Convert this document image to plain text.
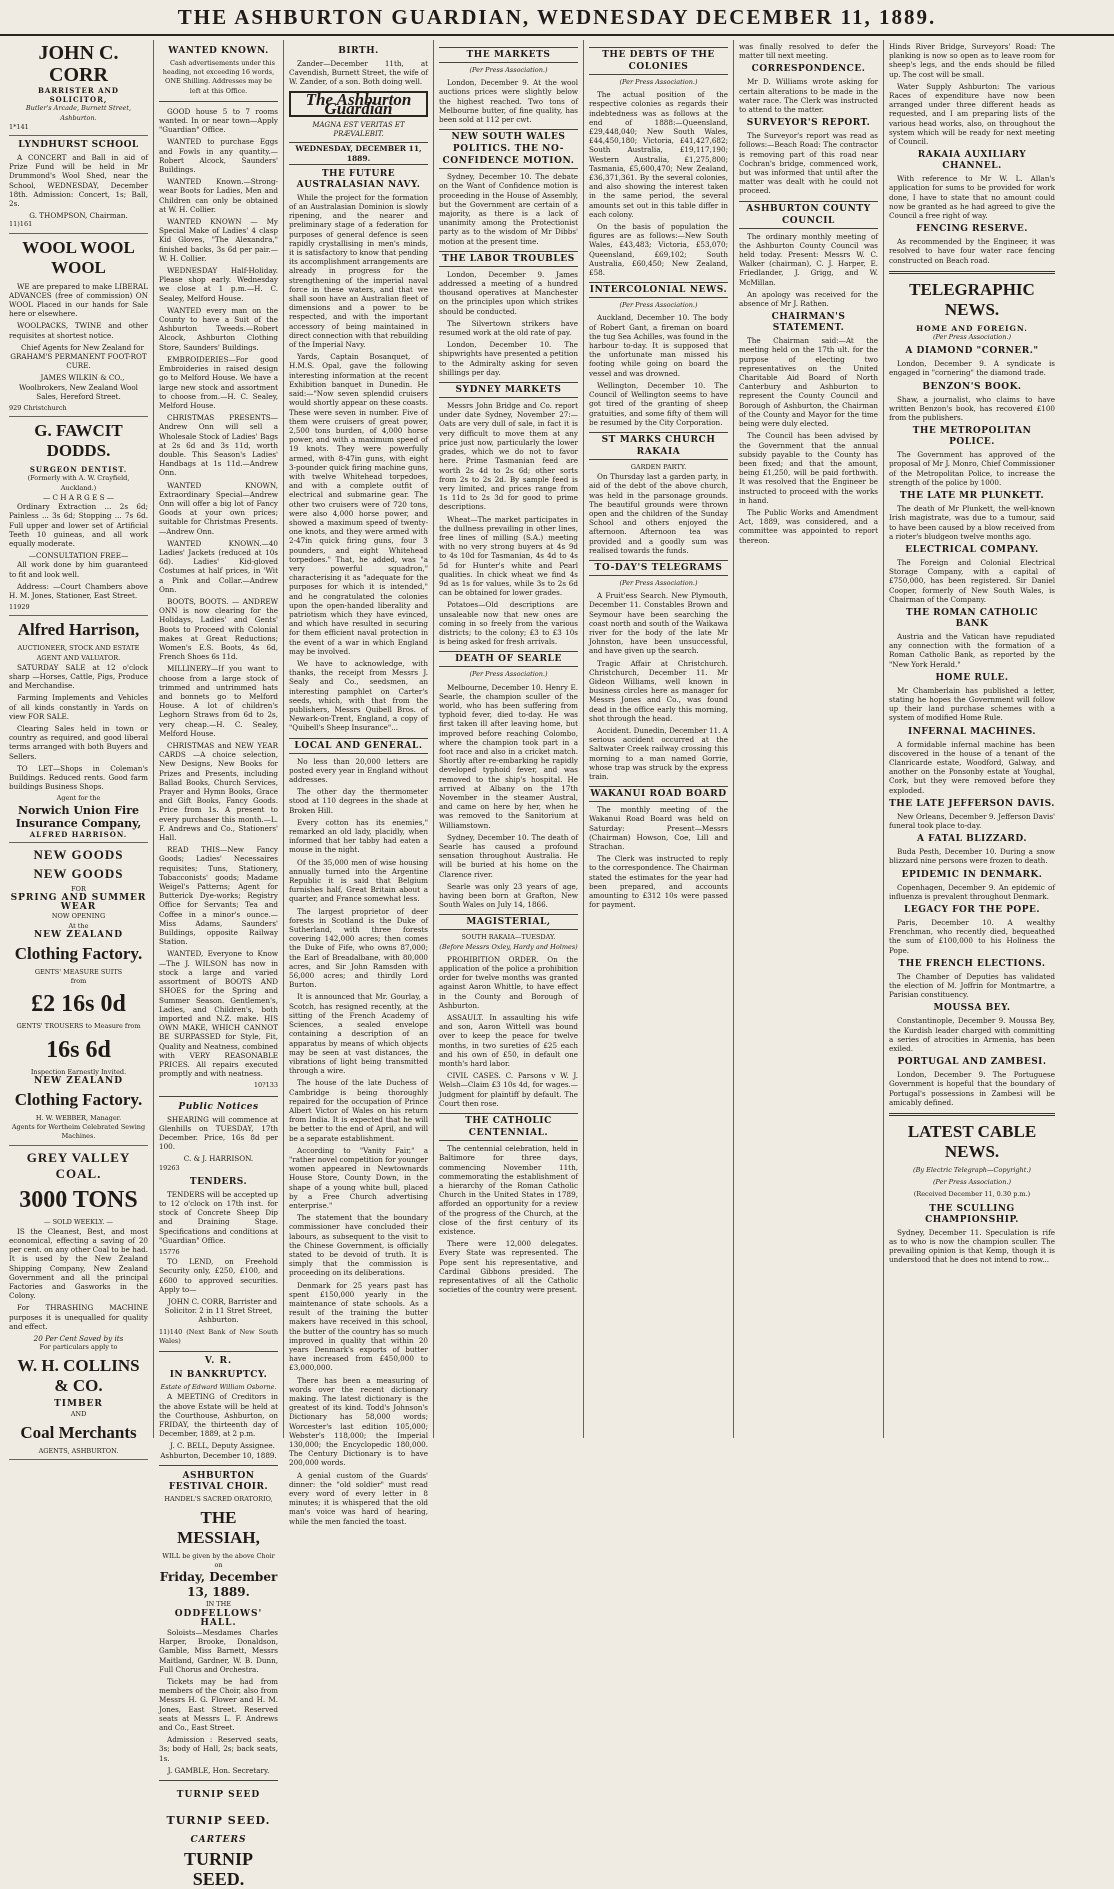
THE ASHBURTON GUARDIAN, WEDNESDAY DECEMBER 11, 1889.
JOHN C. CORR
BARRISTER AND SOLICITOR,
Butler's Arcade, Burnett Street, Ashburton.
1*141
LYNDHURST SCHOOL

A CONCERT and Ball in aid of Prize Fund will be held in Mr Drummond's Wool Shed, near the School, WEDNESDAY, December 18th. Admission: Concert, 1s; Ball, 2s.

G. THOMPSON, Chairman.
11)161
WOOL WOOL WOOL

WE are prepared to make LIBERAL ADVANCES (free of commission) ON WOOL Placed in our hands for Sale here or elsewhere.

WOOLPACKS, TWINE and other requisites at shortest notice.

Chief Agents for New Zealand for GRAHAM'S PERMANENT FOOT-ROT CURE.

JAMES WILKIN & CO., Woolbrokers, New Zealand Wool Sales, Hereford Street.

929 Christchurch
G. FAWCIT DODDS.
SURGEON DENTIST.
(Formerly with A. W. Crayfield, Auckland.)
— C H A R G E S —

Ordinary Extraction ... 2s 6d; Painless ... 3s 6d; Stopping ... 7s 6d. Full upper and lower set of Artificial Teeth 10 guineas, and all work equally moderate.

—CONSULTATION FREE—

All work done by him guaranteed to fit and look well.

Address: —Court Chambers above H. M. Jones, Stationer, East Street.

11929
Alfred Harrison,
AUCTIONEER, STOCK AND ESTATE AGENT AND VALUATOR.

SATURDAY SALE at 12 o'clock sharp —Horses, Cattle, Pigs, Produce and Merchandise.

Farming Implements and Vehicles of all kinds constantly in Yards on view FOR SALE.

Clearing Sales held in town or country as required, and good liberal terms arranged with both Buyers and Sellers.

TO LET—Shops in Coleman's Buildings. Reduced rents. Good farm buildings Business Shops.

Agent for the
Norwich Union Fire Insurance Company,
ALFRED HARRISON.
NEW GOODS
NEW GOODS
FOR
SPRING AND SUMMER
WEAR
NOW OPENING
At the
NEW ZEALAND
Clothing Factory.
GENTS' MEASURE SUITS
from
£2 16s 0d
GENTS' TROUSERS to Measure from
16s 6d
Inspection Earnestly Invited.
NEW ZEALAND
Clothing Factory.
H. W. WEBBER, Manager.
Agents for Wertheim Celebrated Sewing Machines.
GREY VALLEY COAL.
3000 TONS
— SOLD WEEKLY. —

IS the Cleanest, Best, and most economical, effecting a saving of 20 per cent. on any other Coal to be had. It is used by the New Zealand Shipping Company, New Zealand Government and all the principal Factories and Gasworks in the Colony.

For THRASHING MACHINE purposes it is unequalled for quality and effect.

20 Per Cent Saved by its
For particulars apply to
W. H. COLLINS & CO.
TIMBER
AND
Coal Merchants
AGENTS, ASHBURTON.
WANTED KNOWN.

Cash advertisements under this heading, not exceeding 16 words, ONE Shilling. Addresses may be left at this Office.

GOOD house 5 to 7 rooms wanted. In or near town—Apply "Guardian" Office.

WANTED to purchase Eggs and Fowls in any quantity.—Robert Alcock, Saunders' Buildings.

WANTED Known.—Strong-wear Boots for Ladies, Men and Children can only be obtained at W. H. Collier.

WANTED KNOWN — My Special Make of Ladies' 4 clasp Kid Gloves, "The Alexandra," finished backs, 3s 6d per pair.—W. H. Collier.

WEDNESDAY Half-Holiday. Please shop early. Wednesday we close at 1 p.m.—H. C. Sealey, Melford House.

WANTED every man on the County to have a Suit of the Ashburton Tweeds.—Robert Alcock, Ashburton Clothing Store, Saunders' Buildings.

EMBROIDERIES—For good Embroideries in raised design go to Melford House. We have a large new stock and assortment to choose from.—H. C. Sealey, Melford House.

CHRISTMAS PRESENTS—Andrew Onn will sell a Wholesale Stock of Ladies' Bags at 2s 6d and 3s 11d, worth double. This Season's Ladies' Handbags at 1s 11d.—Andrew Onn.

WANTED KNOWN, Extraordinary Special—Andrew Onn will offer a big lot of Fancy Goods at your own prices; suitable for Christmas Presents.—Andrew Onn.

WANTED KNOWN.—40 Ladies' Jackets (reduced at 10s 6d). Ladies' Kid-gloved Costumes at half prices, in 'Wit a Pink and Collar.—Andrew Onn.

BOOTS, BOOTS. — ANDREW ONN is now clearing for the Holidays, Ladies' and Gents' Boots to Proceed with Colonial makes at Great Reductions; Women's E.S. Boots, 4s 6d, French Shoes 6s 11d.

MILLINERY—If you want to choose from a large stock of trimmed and untrimmed hats and bonnets go to Melford House. A lot of children's Leghorn Straws from 6d to 2s, very cheap.—H. C. Sealey, Melford House.

CHRISTMAS and NEW YEAR CARDS —A choice selection, New Designs, New Books for Prizes and Presents, including Ballad Books, Church Services, Prayer and Hymn Books, Grace and Gift Books, Fancy Goods. Price from 1s. A present to every purchaser this month.—L. F. Andrews and Co., Stationers' Hall.

READ THIS—New Fancy Goods; Ladies' Necessaires requisites; Tuns, Stationery, Tobacconists' goods; Madame Weigel's Patterns; Agent for Butterick Dye-works; Registry Office for Servants; Tea and Coffee in a minor's ounce.—Miss Adams, Saunders' Buildings, opposite Railway Station.

WANTED, Everyone to Know—The J. WILSON has now in stock a large and varied assortment of BOOTS AND SHOES for the Spring and Summer Season. Gentlemen's, Ladies, and Children's, both imported and N.Z. make. HIS OWN MAKE, WHICH CANNOT BE SURPASSED for Style, Fit, Quality and Neatness, combined with VERY REASONABLE PRICES. All repairs executed promptly and with neatness.

10?133
Public Notices

SHEARING will commence at Glenhills on TUESDAY, 17th December. Price, 16s 8d per 100.

C. & J. HARRISON.
19263
TENDERS.

TENDERS will be accepted up to 12 o'clock on 17th inst. for stock of Concrete Sheep Dip and Draining Stage. Specifications and conditions at "Guardian" Office.

15776

TO LEND, on Freehold Security only, £250, £100, and £600 to approved securities. Apply to—

JOHN C. CORR, Barrister and Solicitor. 2 in 11 Stret Street, Ashburton.

11)140 (Next Bank of New South Wales)
V. R.
IN BANKRUPTCY.
Estate of Edward William Osborne.

A MEETING of Creditors in the above Estate will be held at the Courthouse, Ashburton, on FRIDAY, the thirteenth day of December, 1889, at 2 p.m.

J. C. BELL, Deputy Assignee. Ashburton, December 10, 1889.

ASHBURTON FESTIVAL CHOIR.
HANDEL'S SACRED ORATORIO,
THE MESSIAH,
WILL be given by the above Choir on
Friday, December 13, 1889.
IN THE
ODDFELLOWS' HALL.

Soloists—Mesdames Charles Harper, Brooke, Donaldson, Gamble, Miss Barnett, Messrs Maitland, Gardner, W. B. Dunn, Full Chorus and Orchestra.

Tickets may be had from members of the Choir, also from Messrs H. G. Flower and H. M. Jones, East Street. Reserved seats at Messrs L. F. Andrews and Co., East Street.

Admission : Reserved seats, 3s; body of Hall, 2s; back seats, 1s.

J. GAMBLE, Hon. Secretary.
TURNIP SEED
TURNIP SEED.
CARTERS
TURNIP SEED.
BIRTH.

Zander—December 11th, at Cavendish, Burnett Street, the wife of W. Zander, of a son. Both doing well.

The Ashburton Guardian
MAGNA EST VERITAS ET PRÆVALEBIT.
WEDNESDAY, DECEMBER 11, 1889.
THE FUTURE AUSTRALASIAN NAVY.

While the project for the formation of an Australasian Dominion is slowly ripening, and the nearer and preliminary stage of a federation for purposes of general defence is seen rapidly crystallising in men's minds, it is satisfactory to know that pending its accomplishment arrangements are already in progress for the strengthening of the imperial naval force in these waters, and that we shall soon have an Australian fleet of dimensions and a power to be respected, and with the important accessory of being maintained in direct connection with that rebuilding of the Imperial Navy.

Yards, Captain Bosanquet, of H.M.S. Opal, gave the following interesting information at the recent Exhibition banquet in Dunedin. He said:—"Now seven splendid cruisers would shortly appear on these coasts. These were seven in number. Five of them were cruisers of great power, 2,500 tons burden, of 4,000 horse power, and with a maximum speed of 19 knots. They were powerfully armed, with 8-47in guns, with eight 3-pounder quick firing machine guns, with twelve Whitehead torpedoes, and with a complete outfit of electrical and submarine gear. The other two cruisers were of 720 tons, were also 4,000 horse power, and showed a maximum speed of twenty-one knots, and they were armed with 2-47in quick firing guns, four 3 pounders, and eight Whitehead torpedoes." That, he added, was "a very powerful squadron," characterising it as "adequate for the purposes for which it is intended," and he congratulated the colonies upon the open-handed liberality and patriotism which they have evinced, and which have resulted in securing for them efficient naval protection in the event of a war in which England may be involved.

We have to acknowledge, with thanks, the receipt from Messrs J. Sealy and Co., seedsmen, an interesting pamphlet on Carter's seeds, which, with that from the publishers, Messrs Quibell Bros. of Newark-on-Trent, England, a copy of "Quibell's Sheep Insurance"...

LOCAL AND GENERAL.

No less than 20,000 letters are posted every year in England without addresses.

The other day the thermometer stood at 110 degrees in the shade at Broken Hill.

Every cotton has its enemies," remarked an old lady, placidly, when informed that her tabby had eaten a mouse in the night.

Of the 35,000 men of wise housing annually turned into the Argentine Republic it is said that Belgium furnishes half, Great Britain about a quarter, and France somewhat less.

The largest proprietor of deer forests in Scotland is the Duke of Sutherland, with three forests covering 142,000 acres; then comes the Duke of Fife, who owns 87,000; the Earl of Breadalbane, with 80,000 acres, and Sir John Ramsden with 56,000 acres; and thirdly Lord Burton.

It is announced that Mr. Gourlay, a Scotch, has resigned recently, at the sitting of the French Academy of Sciences, a sealed envelope containing a description of an apparatus by means of which objects may be seen at vast distances, the vibrations of light being transmitted through a wire.

The house of the late Duchess of Cambridge is being thoroughly repaired for the occupation of Prince Albert Victor of Wales on his return from India. It is expected that he will be better to the end of April, and will be a separate establishment.

According to "Vanity Fair," a "rather novel competition for younger women appeared in Newtownards House Store, County Down, in the shape of a young white bull, placed by a Free Church advertising enterprise."

The statement that the boundary commissioner have concluded their labours, as subsequent to the visit to the Chinese Government, is officially stated to be devoid of truth. It is simply that the commission is proceeding on its deliberations.

Denmark for 25 years past has spent £150,000 yearly in the maintenance of state schools. As a result of the training the butter makers have received in this school, the butter of the country has so much improved in quality that within 20 years Denmark's exports of butter have increased from £450,000 to £3,000,000.

There has been a measuring of words over the recent dictionary making. The latest dictionary is the greatest of its kind. Todd's Johnson's Dictionary has 58,000 words; Worcester's last edition 105,000; Webster's 118,000; the Imperial 130,000; the Encyclopedic 180,000. The Century Dictionary is to have 200,000 words.

A genial custom of the Guards' dinner: the "old soldier" must read every word of every letter in 8 minutes; it is whispered that the old man's voice was hard of hearing, while the men fancied the toast.

THE MARKETS
(Per Press Association.)

London, December 9. At the wool auctions prices were slightly below the highest reached. Two tons of Melbourne butter, of fine quality, has been sold at 112 per cwt.

NEW SOUTH WALES POLITICS. THE NO-CONFIDENCE MOTION.

Sydney, December 10. The debate on the Want of Confidence motion is proceeding in the House of Assembly, but the Government are certain of a majority, as there is a lack of unanimity among the Protectionist party as to the wisdom of Mr Dibbs' motion at the present time.

THE LABOR TROUBLES

London, December 9. James addressed a meeting of a hundred thousand operatives at Manchester on the principles upon which strikes should be conducted.

The Silvertown strikers have resumed work at the old rate of pay.

London, December 10. The shipwrights have presented a petition to the Admiralty asking for seven shillings per day.

SYDNEY MARKETS

Messrs John Bridge and Co. report under date Sydney, November 27:— Oats are very dull of sale, in fact it is very difficult to move them at any price just now, particularly the lower grades, which we do not to favor here. Prime Tasmanian feed are worth 2s 4d to 2s 6d; other sorts from 2s to 2s 2d. By sample feed is very limited, and prices range from 1s 11d to 2s 3d for good to prime descriptions.

Wheat—The market participates in the dullness prevailing in other lines, free lines of milling (S.A.) meeting with no very strong buyers at 4s 9d to 4s 10d for Tasmanian, 4s 4d to 4s 5d for Hunter's white and Pearl qualities. In chick wheat we find 4s 9d as 1s for values, while 3s to 2s 6d can be obtained for lower grades.

Potatoes—Old descriptions are unsaleable now that new ones are coming in so freely from the various districts; to the colony; £3 to £3 10s is being asked for fresh arrivals.

DEATH OF SEARLE
(Per Press Association.)

Melbourne, December 10. Henry E. Searle, the champion sculler of the world, who has been suffering from typhoid fever, died to-day. He was first taken ill after leaving home, but improved before reaching Colombo, where the champion took part in a foot race and also in a cricket match. Shortly after re-embarking he rapidly developed typhoid fever, and was removed to the ship's hospital. He arrived at Albany on the 17th November in the steamer Austral, and came on here by her, when he was removed to the Sanitorium at Williamstown.

Sydney, December 10. The death of Searle has caused a profound sensation throughout Australia. He will be buried at his home on the Clarence river.

Searle was only 23 years of age, having been born at Grafton, New South Wales on July 14, 1866.

MAGISTERIAL,
SOUTH RAKAIA—TUESDAY.
(Before Messrs Oxley, Hardy and Holmes)

PROHIBITION ORDER. On the application of the police a prohibition order for twelve months was granted against Aaron Whittle, to have effect in the County and Borough of Ashburton.

ASSAULT. In assaulting his wife and son, Aaron Wittell was bound over to keep the peace for twelve months, in two sureties of £25 each and his own of £50, in default one month's hard labor.

CIVIL CASES. C. Parsons v W. J. Welsh—Claim £3 10s 4d, for wages.—Judgment for plaintiff by default. The Court then rose.

THE CATHOLIC CENTENNIAL.

The centennial celebration, held in Baltimore for three days, commencing November 11th, commemorating the establishment of a hierarchy of the Roman Catholic Church in the United States in 1789, afforded an opportunity for a review of the progress of the Church, at the close of the first century of its existence.

There were 12,000 delegates. Every State was represented. The Pope sent his representative, and Cardinal Gibbons presided. The representatives of all the Catholic societies of the country were present.

THE DEBTS OF THE COLONIES
(Per Press Association.)

The actual position of the respective colonies as regards their indebtedness was as follows at the end of 1888:—Queensland, £29,448,040; New South Wales, £44,450,180; Victoria, £41,427,682; South Australia, £19,117,190; Western Australia, £1,275,800; Tasmania, £5,600,470; New Zealand, £36,371,361. By the several colonies, and also showing the interest taken in the same period, the several amounts set out in this table differ in each colony.

On the basis of population the figures are as follows:—New South Wales, £43,483; Victoria, £53,070; Queensland, £69,102; South Australia, £60,450; New Zealand, £58.

INTERCOLONIAL NEWS.
(Per Press Association.)

Auckland, December 10. The body of Robert Gant, a fireman on board the tug Sea Achilles, was found in the harbour to-day. It is supposed that the unfortunate man missed his footing while going on board the vessel and was drowned.

Wellington, December 10. The Council of Wellington seems to have got tired of the granting of sheep gratuities, and some fifty of them will be resumed by the City Corporation.

ST MARKS CHURCH RAKAIA
GARDEN PARTY.

On Thursday last a garden party, in aid of the debt of the above church, was held in the parsonage grounds. The beautiful grounds were thrown open and the children of the Sunday School and others enjoyed the afternoon. Afternoon tea was provided and a goodly sum was realised towards the funds.

TO-DAY'S TELEGRAMS
(Per Press Association.)

A Fruit'ess Search. New Plymouth, December 11. Constables Brown and Seymour have been searching the coast north and south of the Waikawa river for the body of the late Mr Johnston, have been unsuccessful, and have given up the search.

Tragic Affair at Christchurch. Christchurch, December 11. Mr Gideon Williams, well known in business circles here as manager for Messrs Jones and Co., was found dead in the office early this morning, shot through the head.

Accident. Dunedin, December 11. A serious accident occurred at the Saltwater Creek railway crossing this morning to a man named Gorrie, whose trap was struck by the express train.

WAKANUI ROAD BOARD

The monthly meeting of the Wakanui Road Board was held on Saturday: Present—Messrs (Chairman) Howson, Coe, Lill and Strachan.

The Clerk was instructed to reply to the correspondence. The Chairman stated the estimates for the year had been prepared, and accounts amounting to £312 10s were passed for payment.

was finally resolved to defer the matter till next meeting.

CORRESPONDENCE.

Mr D. Williams wrote asking for certain alterations to be made in the water race. The Clerk was instructed to attend to the matter.

SURVEYOR'S REPORT.

The Surveyor's report was read as follows:—Beach Road: The contractor is removing part of this road near Cochran's bridge, commenced work, but was informed that until after the matter was dealt with he could not proceed.

ASHBURTON COUNTY COUNCIL

The ordinary monthly meeting of the Ashburton County Council was held today. Present: Messrs W. C. Walker (chairman), C. J. Harper, E. Friedlander, J. Grigg, and W. McMillan.

An apology was received for the absence of Mr J. Rathen.

CHAIRMAN'S STATEMENT.

The Chairman said:—At the meeting held on the 17th ult. for the purpose of electing two representatives on the United Charitable Aid Board of North Canterbury and Ashburton to represent the County Council and Borough of Ashburton, the Chairman of the County and Mayor for the time being were duly elected.

The Council has been advised by the Government that the annual subsidy payable to the County has been fixed; and that the amount, being £1,250, will be paid forthwith. It was resolved that the Engineer be instructed to proceed with the works in hand.

The Public Works and Amendment Act, 1889, was considered, and a committee was appointed to report thereon.

Hinds River Bridge, Surveyors' Road: The planking is now so open as to leave room for sheep's legs, and the ends should be filled up. The cost will be small.

Water Supply Ashburton: The various Races of expenditure have now been arranged under three different heads as requested, and I am preparing lists of the various head works, also, on throughout the system which will be ready for next meeting of Council.

RAKAIA AUXILIARY CHANNEL.

With reference to Mr W. L. Allan's application for sums to be provided for work done, I have to state that no amount could now be granted as he had agreed to give the Council a free right of way.

FENCING RESERVE.

As recommended by the Engineer, it was resolved to have four water race fencing constructed on Beach road.

TELEGRAPHIC NEWS.
HOME AND FOREIGN.
(Per Press Association.)
A DIAMOND "CORNER."

London, December 9. A syndicate is engaged in "cornering" the diamond trade.

BENZON'S BOOK.

Shaw, a journalist, who claims to have written Benzon's book, has recovered £100 from the publishers.

THE METROPOLITAN POLICE.

The Government has approved of the proposal of Mr J. Monro, Chief Commissioner of the Metropolitan Police, to increase the strength of the police by 1000.

THE LATE MR PLUNKETT.

The death of Mr Plunkett, the well-known Irish magistrate, was due to a tumour, said to have been caused by a blow received from a rioter's bludgeon twelve months ago.

ELECTRICAL COMPANY.

The Foreign and Colonial Electrical Storage Company, with a capital of £750,000, has been registered. Sir Daniel Cooper, formerly of New South Wales, is Chairman of the Company.

THE ROMAN CATHOLIC BANK

Austria and the Vatican have repudiated any connection with the formation of a Roman Catholic Bank, as reported by the "New York Herald."

HOME RULE.

Mr Chamberlain has published a letter, stating he hopes the Government will follow up their land purchase schemes with a system of modified Home Rule.

INFERNAL MACHINES.

A formidable infernal machine has been discovered in the house of a tenant of the Clanricarde estate, Woodford, Galway, and another on the Ponsonby estate at Youghal, Cork, but they were removed before they exploded.

THE LATE JEFFERSON DAVIS.

New Orleans, December 9. Jefferson Davis' funeral took place to-day.

A FATAL BLIZZARD.

Buda Pesth, December 10. During a snow blizzard nine persons were frozen to death.

EPIDEMIC IN DENMARK.

Copenhagen, December 9. An epidemic of influenza is prevalent throughout Denmark.

LEGACY FOR THE POPE.

Paris, December 10. A wealthy Frenchman, who recently died, bequeathed the sum of £100,000 to his Holiness the Pope.

THE FRENCH ELECTIONS.

The Chamber of Deputies has validated the election of M. Joffrin for Montmartre, a Parisian constituency.

MOUSSA BEY.

Constantinople, December 9. Moussa Bey, the Kurdish leader charged with committing a series of atrocities in Armenia, has been exiled.

PORTUGAL AND ZAMBESI.

London, December 9. The Portuguese Government is hopeful that the boundary of Portugal's possessions in Zambesi will be amicably defined.

LATEST CABLE NEWS.
(By Electric Telegraph—Copyright.)
(Per Press Association.)
(Received December 11, 0.30 p.m.)
THE SCULLING CHAMPIONSHIP.

Sydney, December 11. Speculation is rife as to who is now the champion sculler. The prevailing opinion is that Kemp, though it is understood that he does not intend to row...
